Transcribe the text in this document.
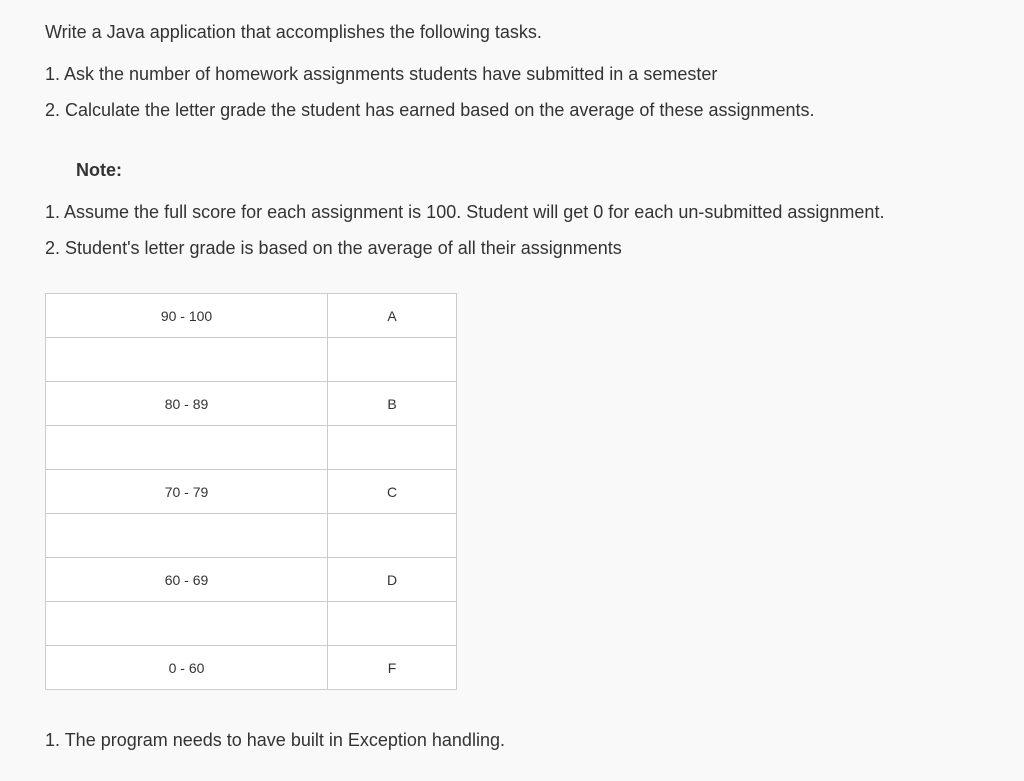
Write a Java application that accomplishes the following tasks.

1. Ask the number of homework assignments students have submitted in a semester
2. Calculate the letter grade the student has earned based on the average of these assignments.

Note:

1. Assume the full score for each assignment is 100. Student will get 0 for each un-submitted assignment.
2. Student's letter grade is based on the average of all their assignments
90 - 100	A

80 - 89	B

70 - 79	C

60 - 69	D

0 - 60	F
1. The program needs to have built in Exception handling.
